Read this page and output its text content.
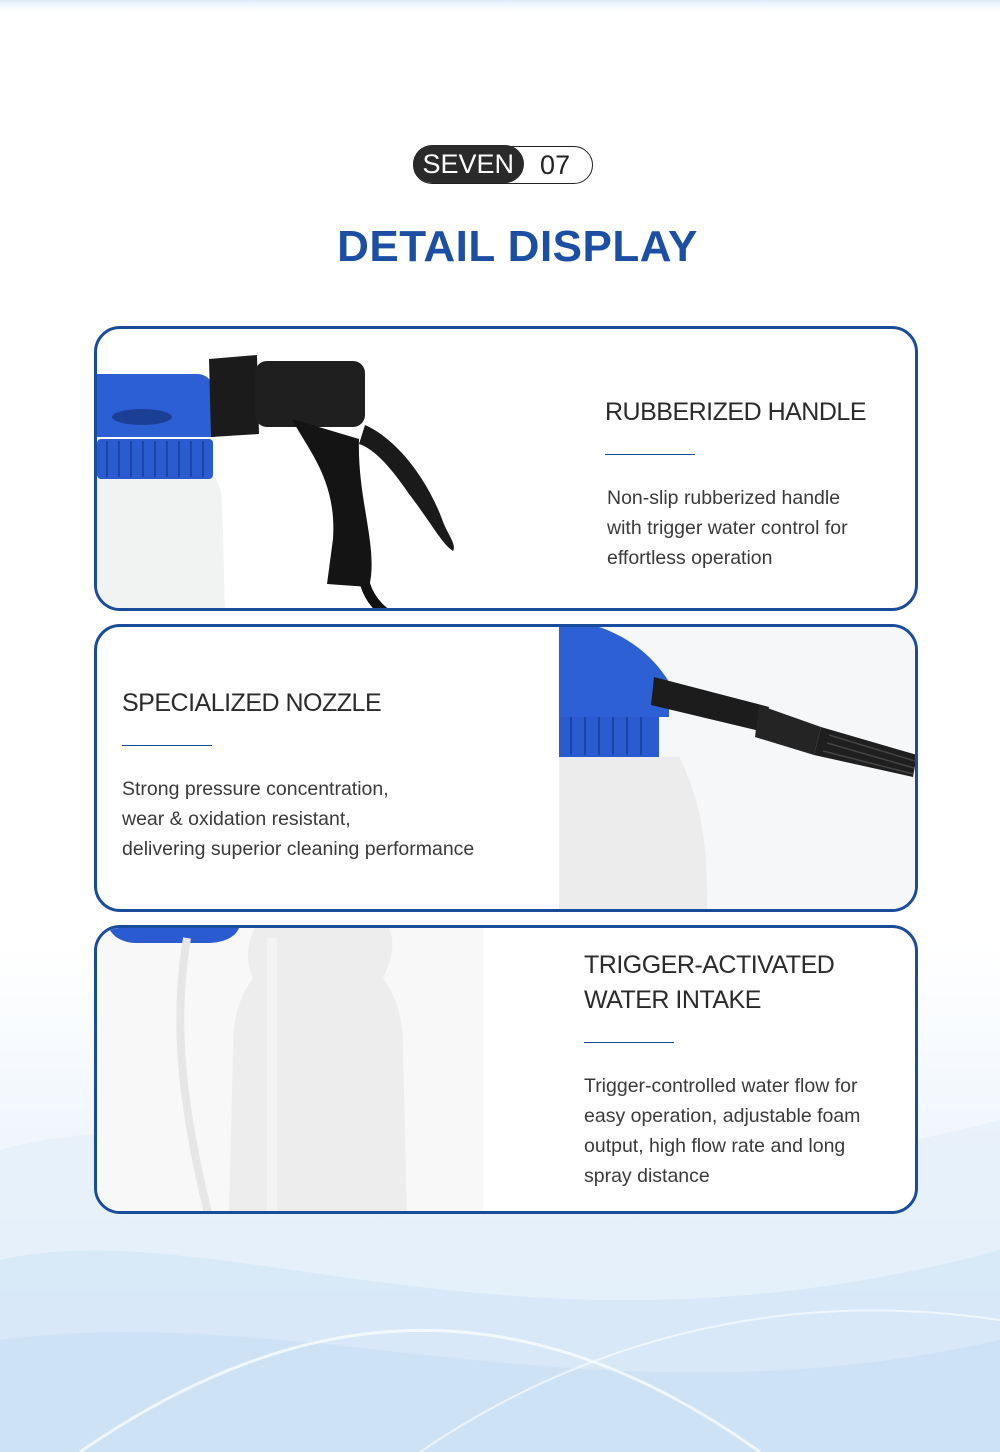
SEVEN 07
DETAIL DISPLAY
RUBBERIZED HANDLE
Non-slip rubberized handle
with trigger water control for
effortless operation
SPECIALIZED NOZZLE
Strong pressure concentration,
wear & oxidation resistant,
delivering superior cleaning performance
TRIGGER-ACTIVATED
WATER INTAKE
Trigger-controlled water flow for
easy operation, adjustable foam
output, high flow rate and long
spray distance
